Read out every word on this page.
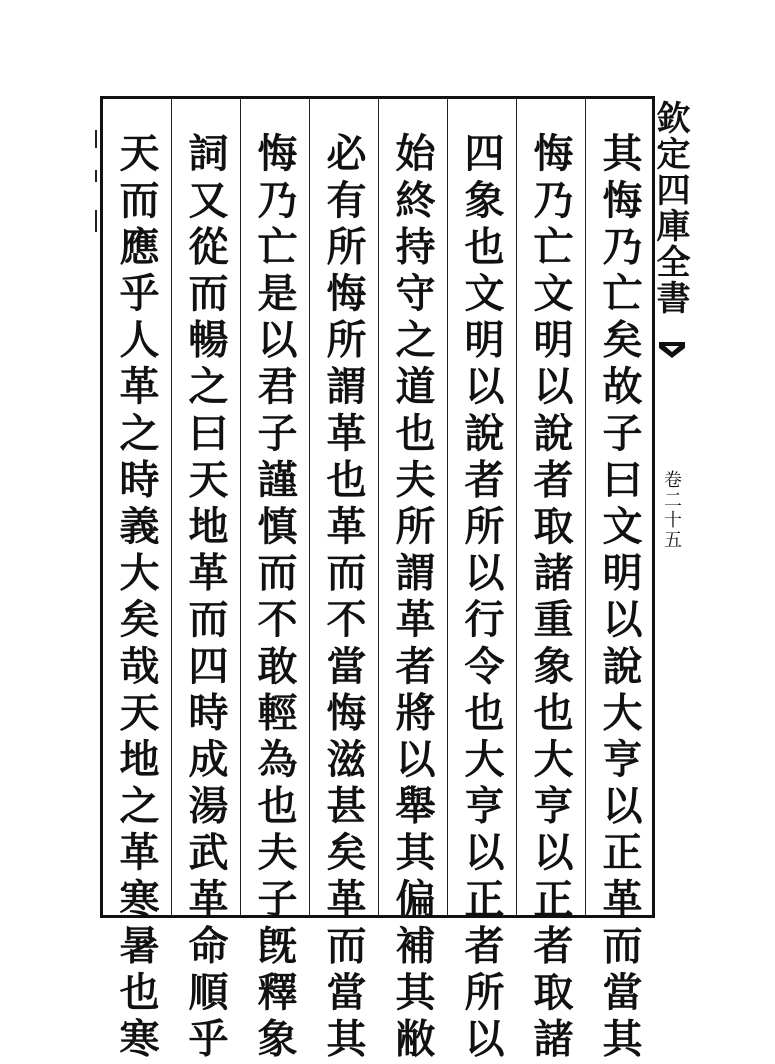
欽定四庫全書
卷二十五
其悔乃亡矣故子曰文明以說大亨以正革而當其
悔乃亡文明以說者取諸重象也大亨以正者取諸
四象也文明以說者所以行令也大亨以正者所以
始終持守之道也夫所謂革者將以舉其偏補其敝
必有所悔所謂革也革而不當悔滋甚矣革而當其
悔乃亡是以君子謹慎而不敢輕為也夫子旣釋象
詞又從而暢之曰天地革而四時成湯武革命順乎
天而應乎人革之時義大矣哉天地之革寒暑也寒
